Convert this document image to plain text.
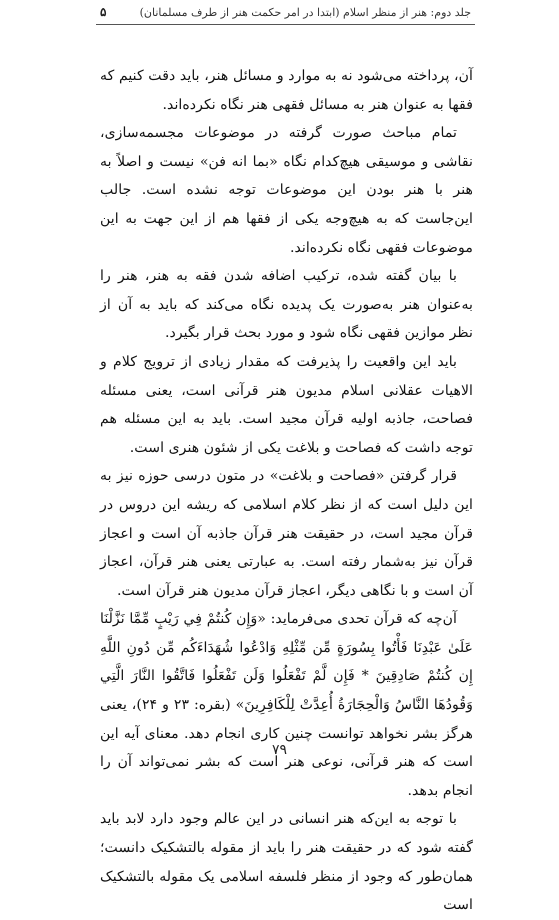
جلد دوم: هنر از منظر اسلام (ابتدا در امر حکمت هنر از طرف مسلمانان)
۵

آن، پرداخته می‌شود نه به موارد و مسائل هنر، باید دقت کنیم که فقها به عنوان هنر به مسائل فقهی هنر نگاه نکرده‌اند.

تمام مباحث صورت گرفته در موضوعات مجسمه‌سازی، نقاشی و موسیقی هیچ‌کدام نگاه «بما انه فن» نیست و اصلاً به هنر با هنر بودن این موضوعات توجه نشده است. جالب این‌جاست که به هیچ‌وجه یکی از فقها هم از این جهت به این موضوعات فقهی نگاه نکرده‌اند.

با بیان گفته شده، ترکیب اضافه شدن فقه به هنر، هنر را به‌عنوان هنر به‌صورت یک پدیده نگاه می‌کند که باید به آن از نظر موازین فقهی نگاه شود و مورد بحث قرار بگیرد.

باید این واقعیت را پذیرفت که مقدار زیادی از ترویج کلام و الاهیات عقلانی اسلام مدیون هنر قرآنی است، یعنی مسئله فصاحت، جاذبه اولیه قرآن مجید است. باید به این مسئله هم توجه داشت که فصاحت و بلاغت یکی از شئون هنری است.

قرار گرفتن «فصاحت و بلاغت» در متون درسی حوزه نیز به این دلیل است که از نظر کلام اسلامی که ریشه این دروس در قرآن مجید است، در حقیقت هنر قرآن جاذبه آن است و اعجاز قرآن نیز به‌شمار رفته است. به عبارتی یعنی هنر قرآن، اعجاز آن است و با نگاهی دیگر، اعجاز قرآن مدیون هنر قرآن است.

آن‌چه که قرآن تحدی می‌فرماید: «وَإِن كُنتُمْ فِي رَيْبٍ مِّمَّا نَزَّلْنَا عَلَىٰ عَبْدِنَا فَأْتُوا بِسُورَةٍ مِّن مِّثْلِهِ وَادْعُوا شُهَدَاءَكُم مِّن دُونِ اللَّهِ إِن كُنتُمْ صَادِقِينَ * فَإِن لَّمْ تَفْعَلُوا وَلَن تَفْعَلُوا فَاتَّقُوا النَّارَ الَّتِي وَقُودُهَا النَّاسُ وَالْحِجَارَةُ أُعِدَّتْ لِلْكَافِرِينَ» (بقره: ۲۳ و ۲۴)، یعنی هرگز بشر نخواهد توانست چنین کاری انجام دهد. معنای آیه این است که هنر قرآنی، نوعی هنر است که بشر نمی‌تواند آن را انجام بدهد.

با توجه به این‌که هنر انسانی در این عالم وجود دارد لابد باید گفته شود که در حقیقت هنر را باید از مقوله بالتشکیک دانست؛ همان‌طور که وجود از منظر فلسفه اسلامی یک مقوله بالتشکیک است

۷۹
